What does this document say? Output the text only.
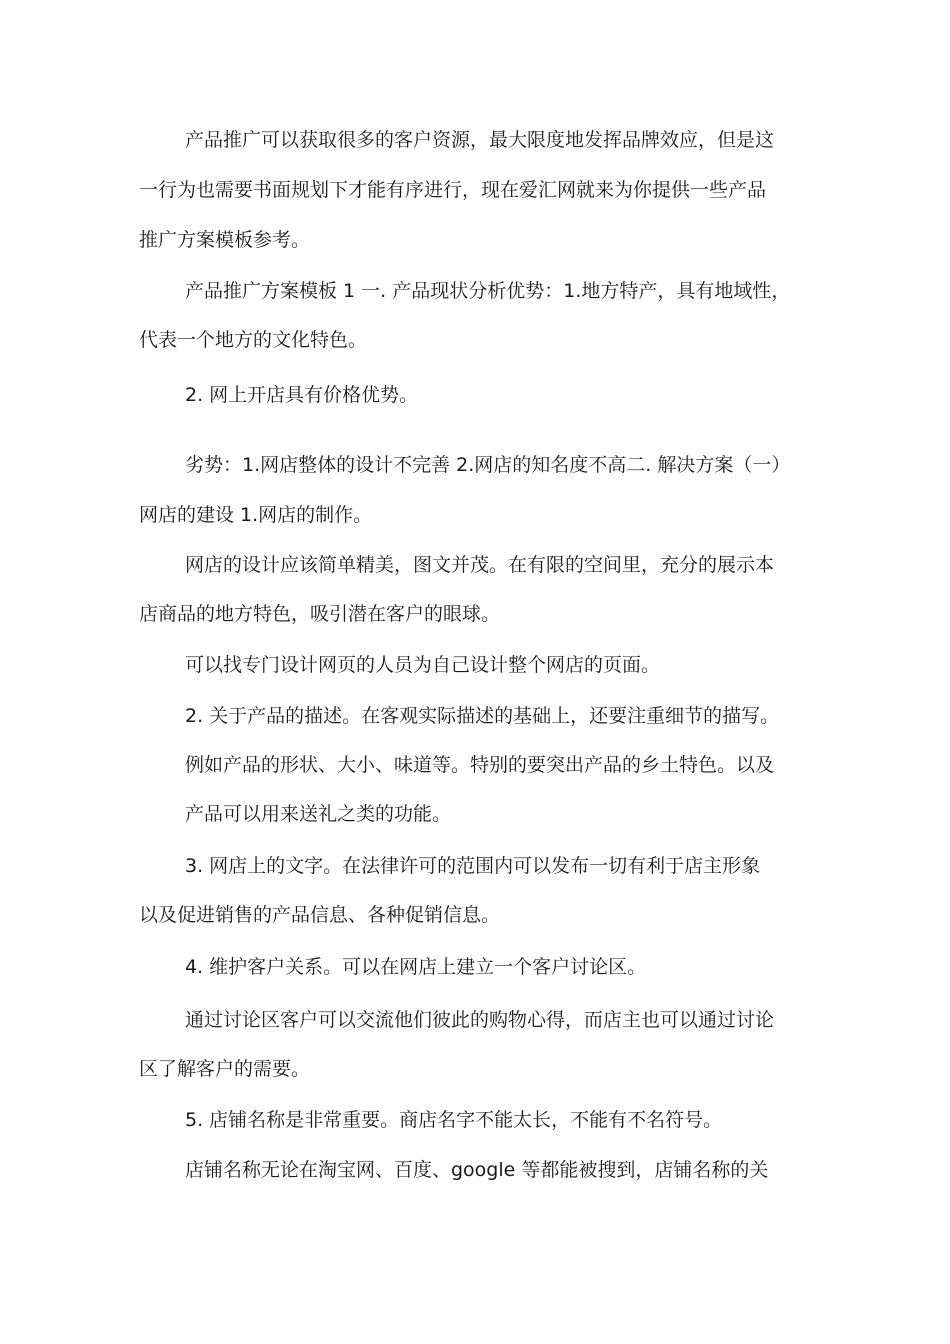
产品推广可以获取很多的客户资源，最大限度地发挥品牌效应，但是这
一行为也需要书面规划下才能有序进行，现在爱汇网就来为你提供一些产品
推广方案模板参考。
产品推广方案模板 1 一. 产品现状分析优势：1.地方特产，具有地域性，
代表一个地方的文化特色。
2. 网上开店具有价格优势。
劣势：1.网店整体的设计不完善 2.网店的知名度不高二. 解决方案（一）
网店的建设 1.网店的制作。
网店的设计应该简单精美，图文并茂。在有限的空间里，充分的展示本
店商品的地方特色，吸引潜在客户的眼球。
可以找专门设计网页的人员为自己设计整个网店的页面。
2. 关于产品的描述。在客观实际描述的基础上，还要注重细节的描写。
例如产品的形状、大小、味道等。特别的要突出产品的乡土特色。以及
产品可以用来送礼之类的功能。
3. 网店上的文字。在法律许可的范围内可以发布一切有利于店主形象
以及促进销售的产品信息、各种促销信息。
4. 维护客户关系。可以在网店上建立一个客户讨论区。
通过讨论区客户可以交流他们彼此的购物心得，而店主也可以通过讨论
区了解客户的需要。
5. 店铺名称是非常重要。商店名字不能太长，不能有不名符号。
店铺名称无论在淘宝网、百度、google 等都能被搜到，店铺名称的关
